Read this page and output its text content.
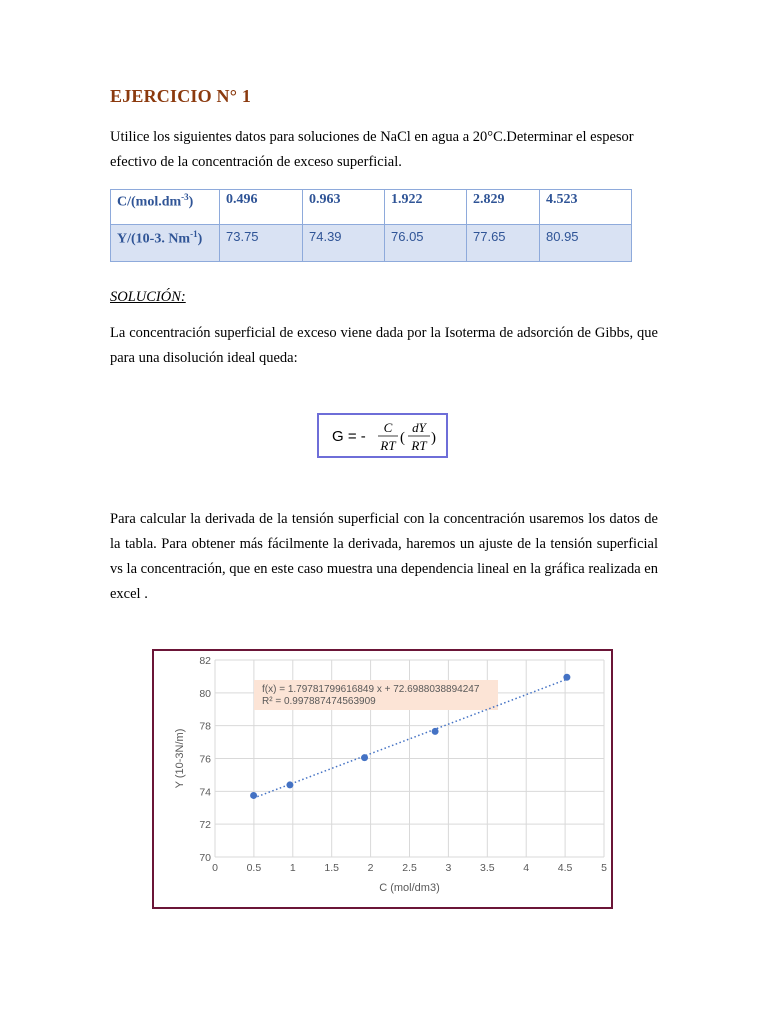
EJERCICIO N° 1
Utilice los siguientes datos para soluciones de NaCl en agua a 20°C.Determinar el espesor efectivo de la concentración de exceso superficial.
$C/(mol.dm^{-3})$	0.496	0.963	1.922	2.829	4.523
Y/(10-3. $Nm^{-1}$)	73.75	74.39	76.05	77.65	80.95
SOLUCIÓN:
La concentración superficial de exceso viene dada por la Isoterma de adsorción de Gibbs, que para una disolución ideal queda:
G = -
C
RT (
dY
RT )
Para calcular la derivada de la tensión superficial con la concentración usaremos los datos de la tabla. Para obtener más fácilmente la derivada, haremos un ajuste de la tensión superficial vs la concentración, que en este caso muestra una dependencia lineal en la gráfica realizada en excel .
70
72
74
76
78
80
82
0	0.5	1	1.5	2	2.5	3	3.5	4	4.5	5
C (mol/dm3)
Y (10-3N/m)
f(x) = 1.79781799616849 x + 72.6988038894247
R² = 0.997887474563909
